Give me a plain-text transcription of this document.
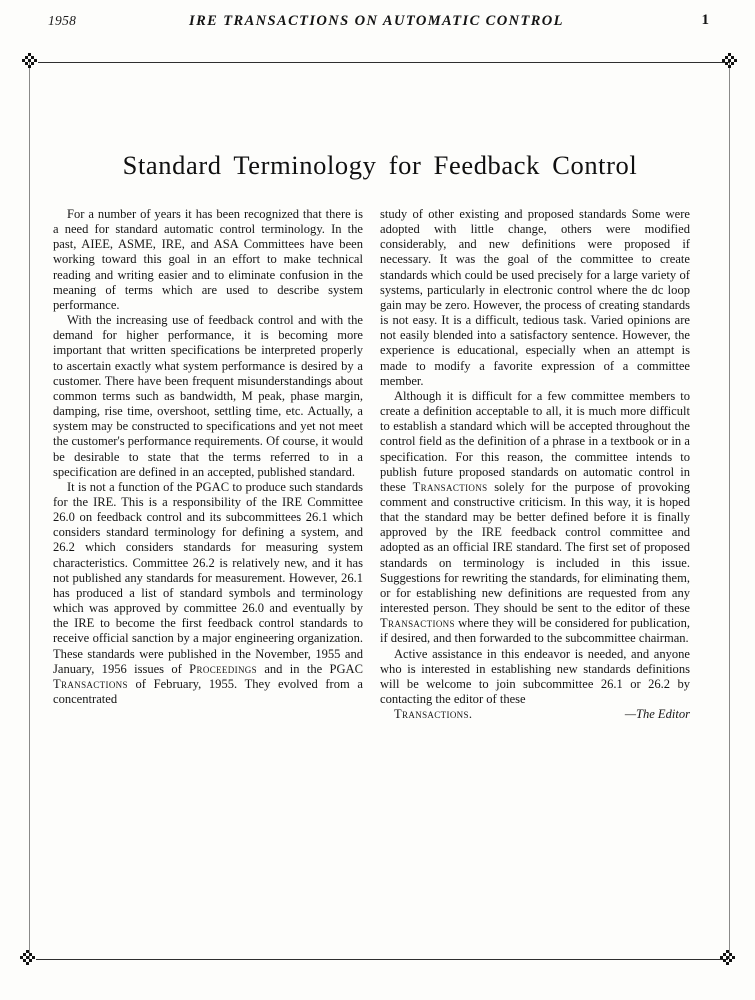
1958	IRE TRANSACTIONS ON AUTOMATIC CONTROL	1
Standard Terminology for Feedback Control

For a number of years it has been recognized that there is a need for standard automatic control terminology. In the past, AIEE, ASME, IRE, and ASA Committees have been working toward this goal in an effort to make technical reading and writing easier and to eliminate confusion in the meaning of terms which are used to describe system performance.

With the increasing use of feedback control and with the demand for higher performance, it is becoming more important that written specifications be interpreted properly to ascertain exactly what system performance is desired by a customer. There have been frequent misunderstandings about common terms such as bandwidth, M peak, phase margin, damping, rise time, overshoot, settling time, etc. Actually, a system may be constructed to specifications and yet not meet the customer's performance requirements. Of course, it would be desirable to state that the terms referred to in a specification are defined in an accepted, published standard.

It is not a function of the PGAC to produce such standards for the IRE. This is a responsibility of the IRE Committee 26.0 on feedback control and its subcommittees 26.1 which considers standard terminology for defining a system, and 26.2 which considers standards for measuring system characteristics. Committee 26.2 is relatively new, and it has not published any standards for measurement. However, 26.1 has produced a list of standard symbols and terminology which was approved by committee 26.0 and eventually by the IRE to become the first feedback control standards to receive official sanction by a major engineering organization. These standards were published in the November, 1955 and January, 1956 issues of Proceedings and in the PGAC Transactions of February, 1955. They evolved from a concentrated

study of other existing and proposed standards Some were adopted with little change, others were modified considerably, and new definitions were proposed if necessary. It was the goal of the committee to create standards which could be used precisely for a large variety of systems, particularly in electronic control where the dc loop gain may be zero. However, the process of creating standards is not easy. It is a difficult, tedious task. Varied opinions are not easily blended into a satisfactory sentence. However, the experience is educational, especially when an attempt is made to modify a favorite expression of a committee member.

Although it is difficult for a few committee members to create a definition acceptable to all, it is much more difficult to establish a standard which will be accepted throughout the control field as the definition of a phrase in a textbook or in a specification. For this reason, the committee intends to publish future proposed standards on automatic control in these Transactions solely for the purpose of provoking comment and constructive criticism. In this way, it is hoped that the standard may be better defined before it is finally approved by the IRE feedback control committee and adopted as an official IRE standard. The first set of proposed standards on terminology is included in this issue. Suggestions for rewriting the standards, for eliminating them, or for establishing new definitions are requested from any interested person. They should be sent to the editor of these Transactions where they will be considered for publication, if desired, and then forwarded to the subcommittee chairman.

Active assistance in this endeavor is needed, and anyone who is interested in establishing new standards definitions will be welcome to join subcommittee 26.1 or 26.2 by contacting the editor of these
Transactions.	—The Editor
